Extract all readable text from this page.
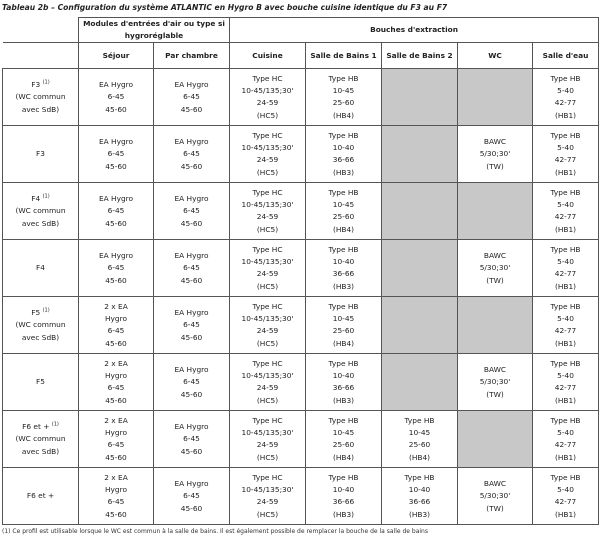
Tableau 2b – Configuration du système ATLANTIC en Hygro B avec bouche cuisine identique du F3 au F7
	Modules d'entrées d'air ou type si hygroréglable		Bouches d'extraction				
	Séjour	Par chambre	Cuisine	Salle de Bains 1	Salle de Bains 2	WC	Salle d'eau

F3 $^{(1)}$
(WC commun
avec SdB)	EA Hygro
6-45
45-60	EA Hygro
6-45
45-60	Type HC
10-45/135;30'
24-59
(HC5)	Type HB
10-45
25-60
(HB4)			Type HB
5-40
42-77
(HB1)

F3	EA Hygro
6-45
45-60	EA Hygro
6-45
45-60	Type HC
10-45/135;30'
24-59
(HC5)	Type HB
10-40
36-66
(HB3)		BAWC
5/30;30'
(TW)	Type HB
5-40
42-77
(HB1)

F4 $^{(1)}$
(WC commun
avec SdB)	EA Hygro
6-45
45-60	EA Hygro
6-45
45-60	Type HC
10-45/135;30'
24-59
(HC5)	Type HB
10-45
25-60
(HB4)			Type HB
5-40
42-77
(HB1)

F4	EA Hygro
6-45
45-60	EA Hygro
6-45
45-60	Type HC
10-45/135;30'
24-59
(HC5)	Type HB
10-40
36-66
(HB3)		BAWC
5/30;30'
(TW)	Type HB
5-40
42-77
(HB1)

F5 $^{(1)}$
(WC commun
avec SdB)	2 x EA
Hygro
6-45
45-60	EA Hygro
6-45
45-60	Type HC
10-45/135;30'
24-59
(HC5)	Type HB
10-45
25-60
(HB4)			Type HB
5-40
42-77
(HB1)

F5	2 x EA
Hygro
6-45
45-60	EA Hygro
6-45
45-60	Type HC
10-45/135;30'
24-59
(HC5)	Type HB
10-40
36-66
(HB3)		BAWC
5/30;30'
(TW)	Type HB
5-40
42-77
(HB1)

F6 et + $^{(1)}$
(WC commun
avec SdB)	2 x EA
Hygro
6-45
45-60	EA Hygro
6-45
45-60	Type HC
10-45/135;30'
24-59
(HC5)	Type HB
10-45
25-60
(HB4)	Type HB
10-45
25-60
(HB4)		Type HB
5-40
42-77
(HB1)

F6 et +	2 x EA
Hygro
6-45
45-60	EA Hygro
6-45
45-60	Type HC
10-45/135;30'
24-59
(HC5)	Type HB
10-40
36-66
(HB3)	Type HB
10-40
36-66
(HB3)	BAWC
5/30;30'
(TW)	Type HB
5-40
42-77
(HB1)
(1) Ce profil est utilisable lorsque le WC est commun à la salle de bains. Il est également possible de remplacer la bouche de la salle de bains
